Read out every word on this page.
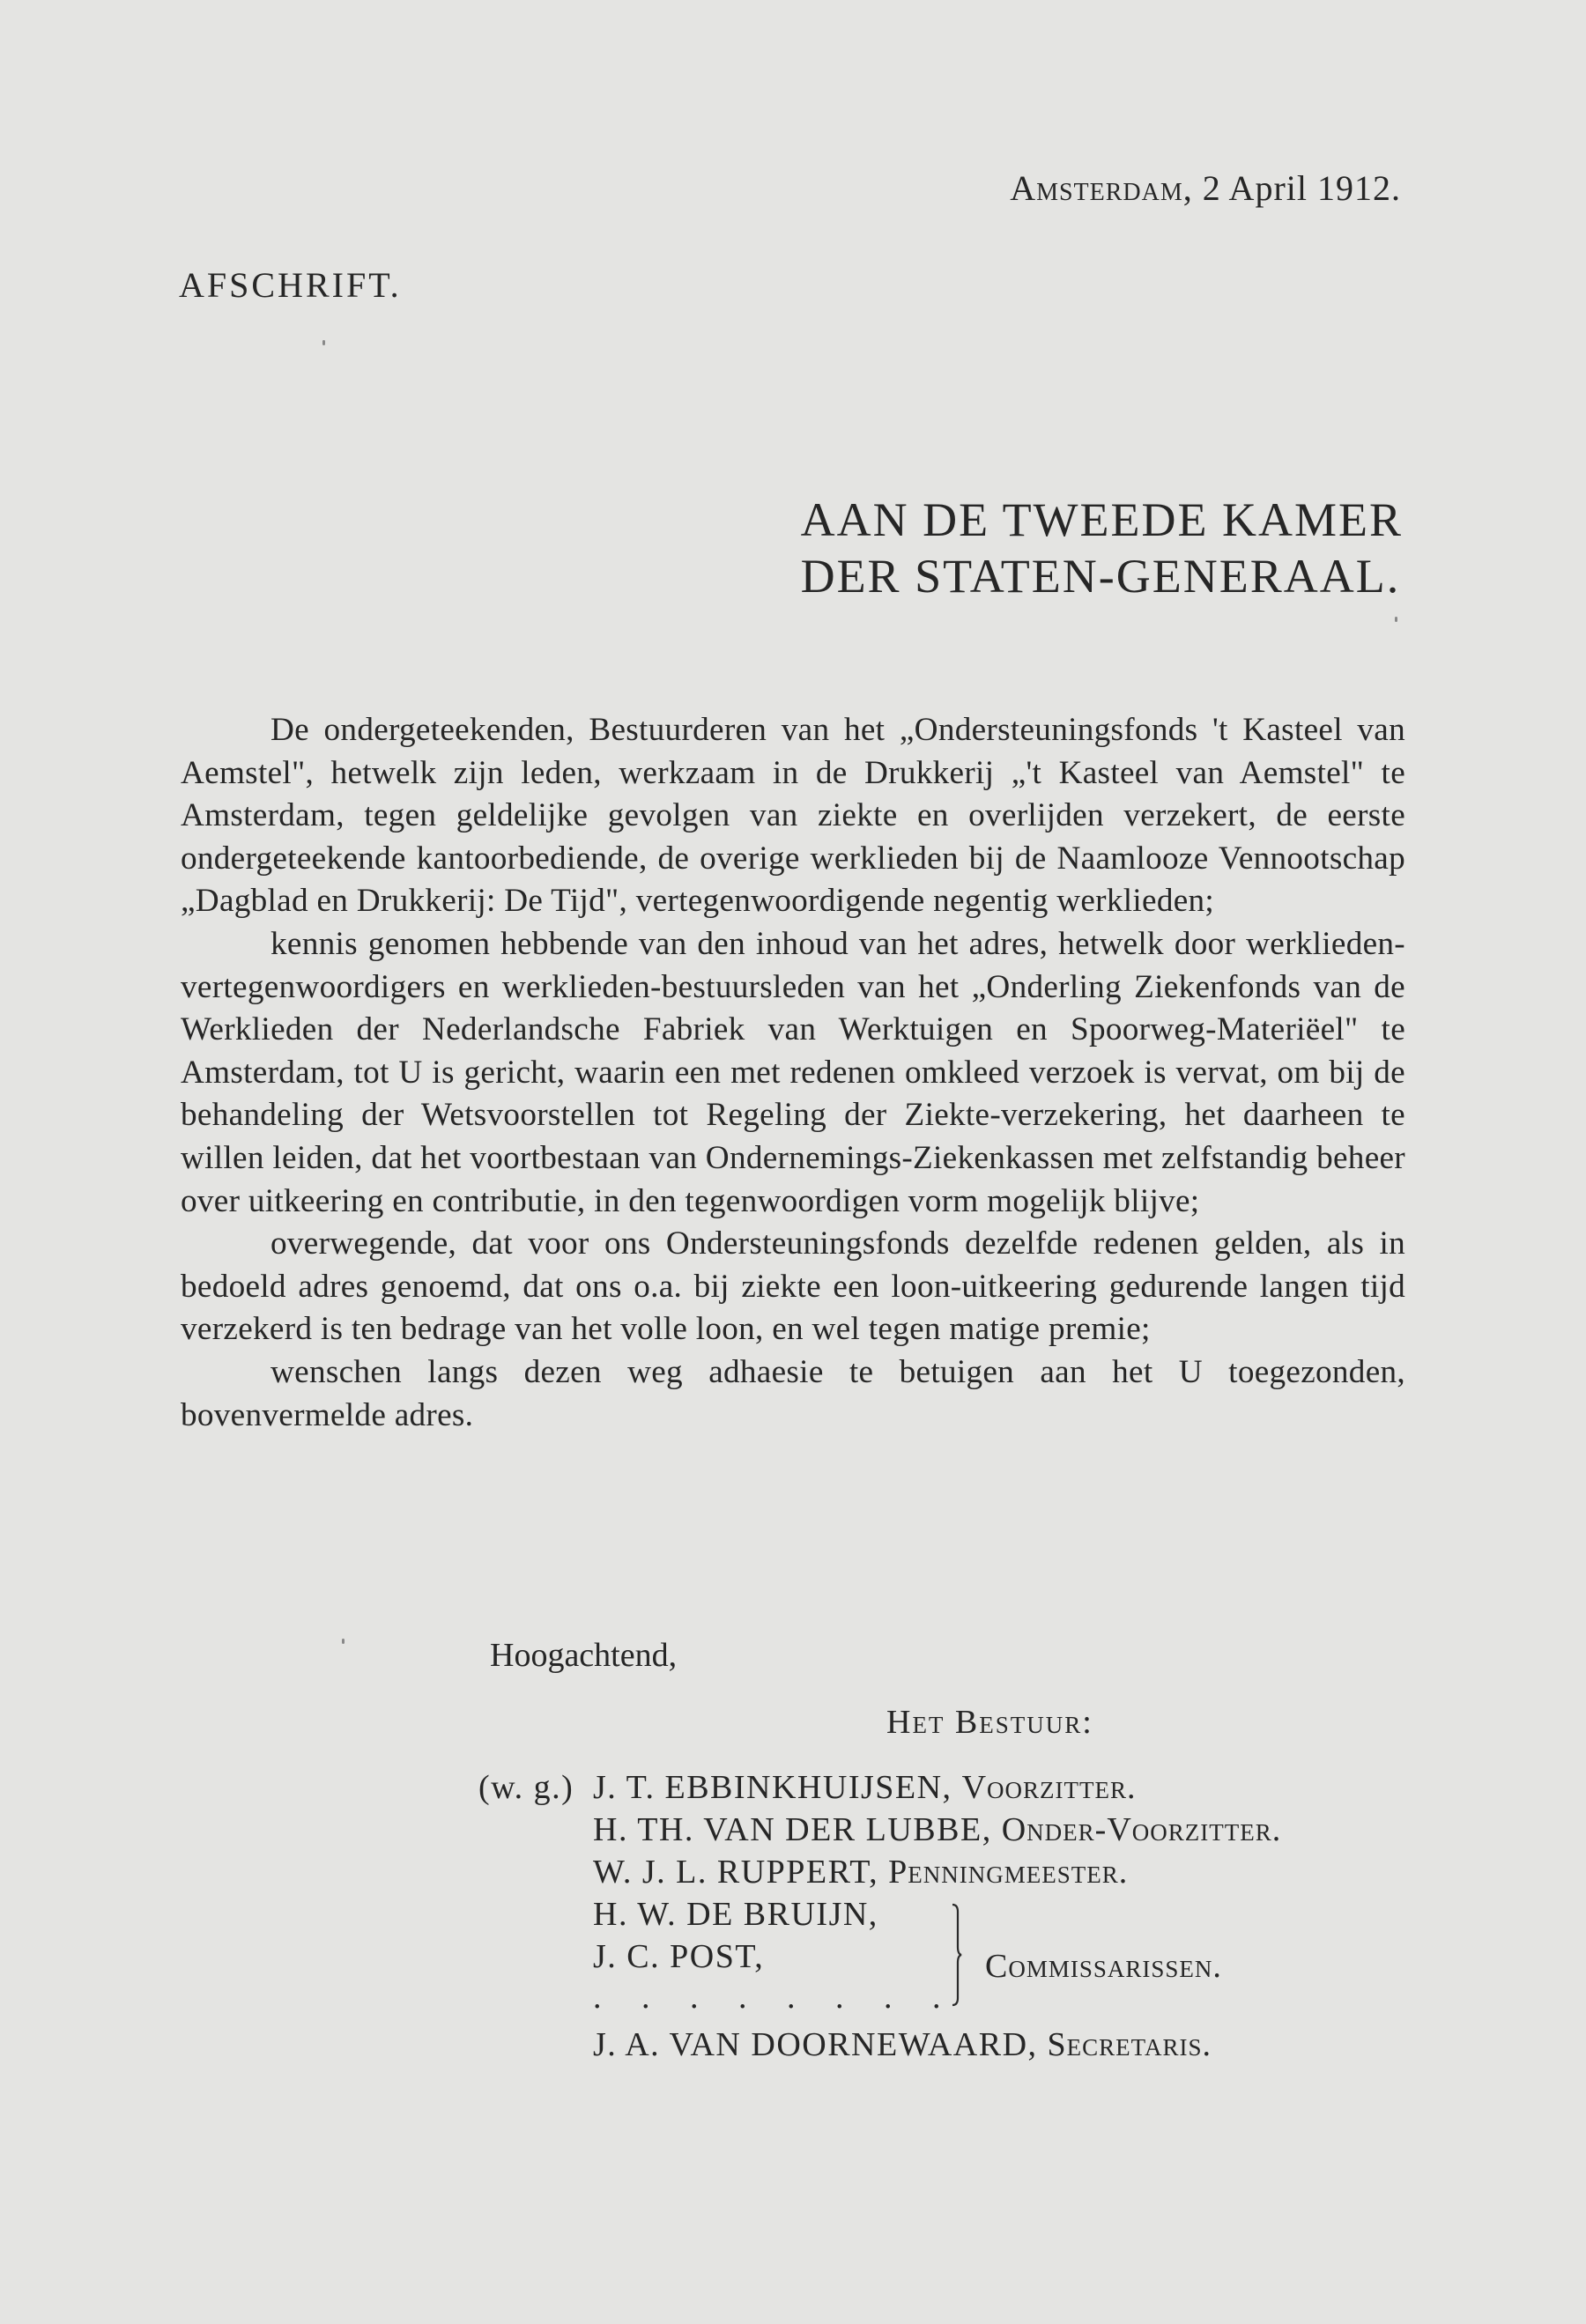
Amsterdam, 2 April 1912.
AFSCHRIFT.
AAN DE TWEEDE KAMER
DER STATEN-GENERAAL.

De ondergeteekenden, Bestuurderen van het „Ondersteuningsfonds 't Kasteel van Aemstel", hetwelk zijn leden, werkzaam in de Drukkerij „'t Kasteel van Aemstel" te Amsterdam, tegen geldelijke gevolgen van ziekte en overlijden verzekert, de eerste ondergeteekende kantoorbediende, de overige werklieden bij de Naamlooze Vennootschap „Dagblad en Drukkerij: De Tijd", vertegenwoordigende negentig werklieden;

kennis genomen hebbende van den inhoud van het adres, hetwelk door werklieden-vertegenwoordigers en werklieden-bestuursleden van het „Onderling Ziekenfonds van de Werklieden der Nederlandsche Fabriek van Werktuigen en Spoorweg-Materiëel" te Amsterdam, tot U is gericht, waarin een met redenen omkleed verzoek is vervat, om bij de behandeling der Wetsvoorstellen tot Regeling der Ziekte-verzekering, het daarheen te willen leiden, dat het voortbestaan van Ondernemings-Ziekenkassen met zelfstandig beheer over uitkeering en contributie, in den tegenwoordigen vorm mogelijk blijve;

overwegende, dat voor ons Ondersteuningsfonds dezelfde redenen gelden, als in bedoeld adres genoemd, dat ons o.a. bij ziekte een loon-uitkeering gedurende langen tijd verzekerd is ten bedrage van het volle loon, en wel tegen matige premie;

wenschen langs dezen weg adhaesie te betuigen aan het U toegezonden, bovenvermelde adres.

Hoogachtend,
Het Bestuur:
(w. g.) J. T. EBBINKHUIJSEN, Voorzitter.
H. TH. VAN DER LUBBE, Onder-Voorzitter.
W. J. L. RUPPERT, Penningmeester.
H. W. DE BRUIJN,
J. C. POST,
. . . . . . . .
J. A. VAN DOORNEWAARD, Secretaris.
Commissarissen.
